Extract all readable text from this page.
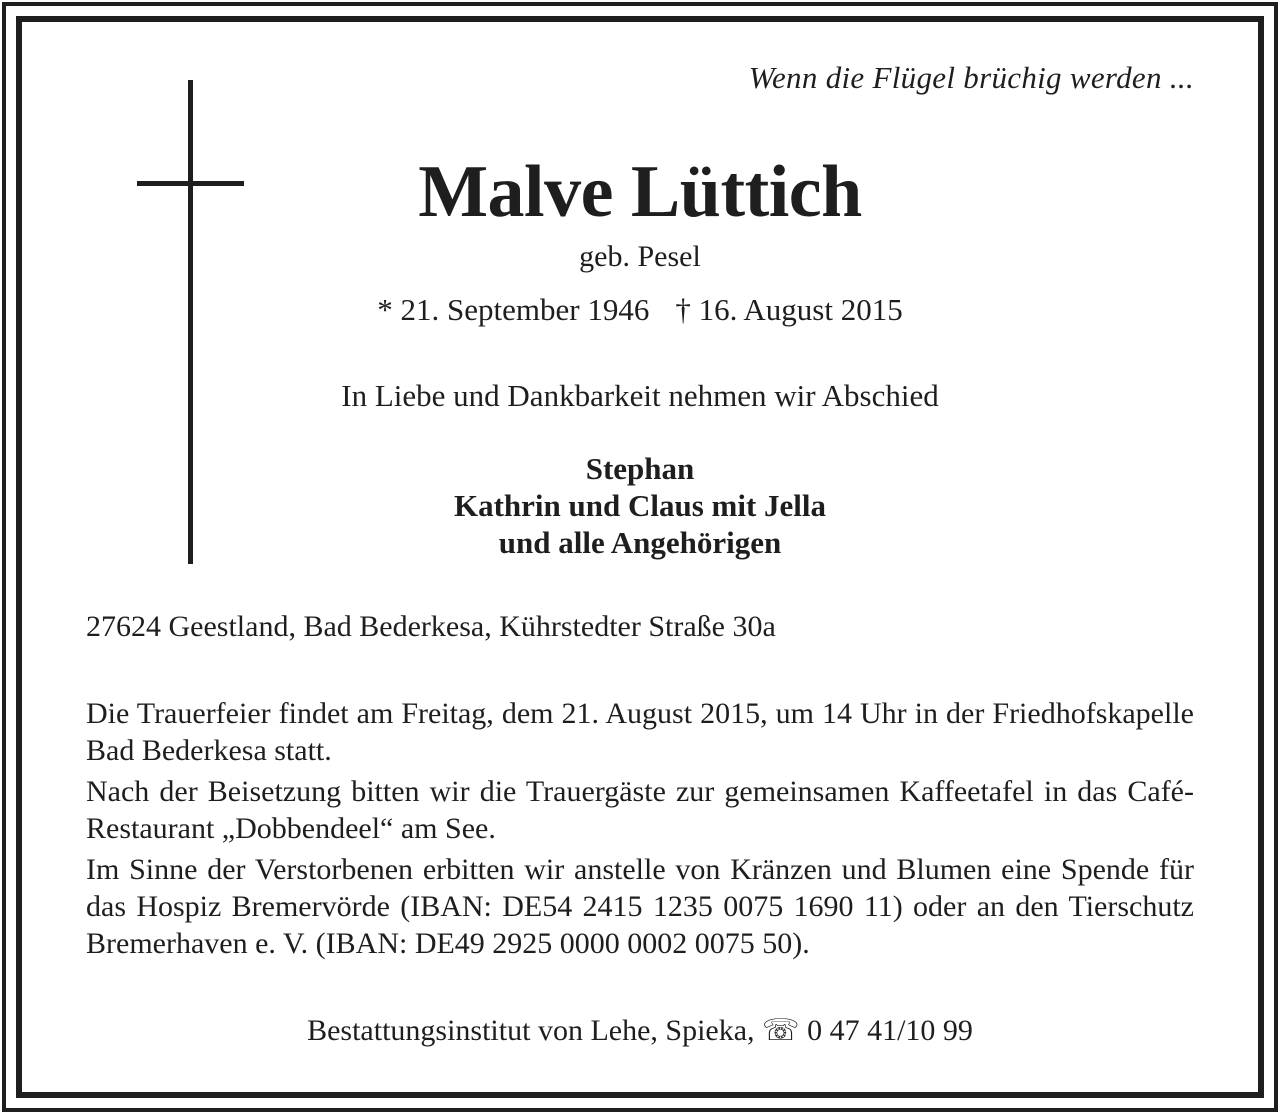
Wenn die Flügel brüchig werden ...
Malve Lüttich
geb. Pesel
* 21. September 1946 † 16. August 2015
In Liebe und Dankbarkeit nehmen wir Abschied
Stephan
Kathrin und Claus mit Jella
und alle Angehörigen
27624 Geestland, Bad Bederkesa, Kührstedter Straße 30a

Die Trauerfeier findet am Freitag, dem 21. August 2015, um 14 Uhr in der Friedhofskapelle Bad Bederkesa statt.

Nach der Beisetzung bitten wir die Trauergäste zur gemeinsamen Kaffeetafel in das Café-Restaurant „Dobbendeel“ am See.

Im Sinne der Verstorbenen erbitten wir anstelle von Kränzen und Blumen eine Spende für das Hospiz Bremervörde (IBAN: DE54 2415 1235 0075 1690 11) oder an den Tierschutz Bremerhaven e. V. (IBAN: DE49 2925 0000 0002 0075 50).

Bestattungsinstitut von Lehe, Spieka, ☏ 0 47 41/10 99
